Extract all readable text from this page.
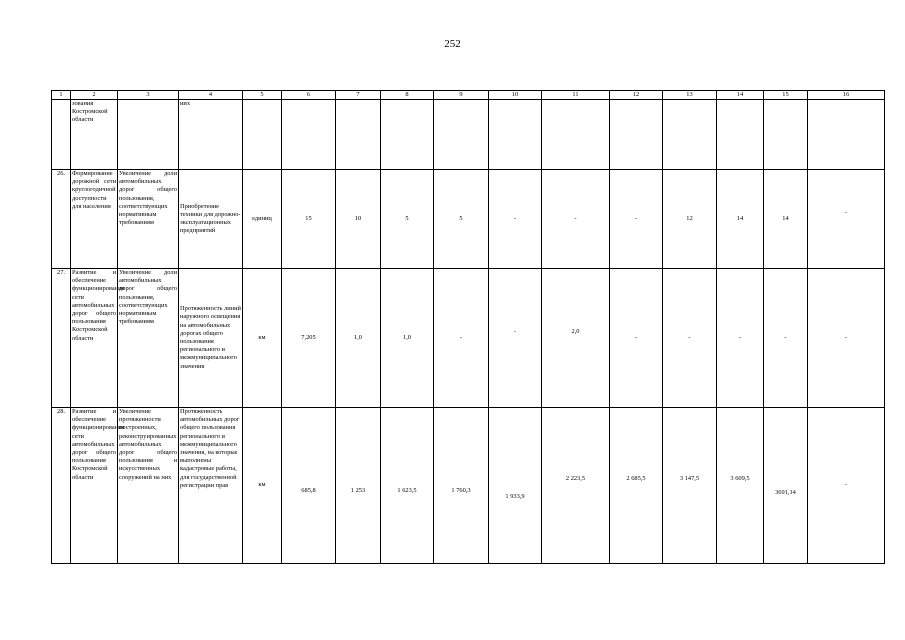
252
1	2	3	4	5	6	7	8	9	10	11	12	13	14	15	16
	зования Костромской области		иих												
26.	Формирование дорожной сети круглогодичной доступности для населения	Увеличение доли автомобильных дорог общего пользования, соответствующих нормативным требованиям	Приобретение техники для дорожно-эксплуатационных предприятий	единиц	15	10	5	5	-	-	-	12	14	14	-
27.	Развитие и обеспечение функционирования сети автомобильных дорог общего пользования Костромской области	Увеличение доли автомобильных дорог общего пользования, соответствующих нормативным требованиям	Протяженность линий наружного освещения на автомобильных дорогах общего пользования регионального и межмуниципального значения	км	7,205	1,0	1,0	-	-	2,0	-	-	-	-	-
28.	Развитие и обеспечение функционирования сети автомобильных дорог общего пользования Костромской области	Увеличение протяженности построенных, реконструированных автомобильных дорог общего пользования и искусственных сооружений на них	Протяженность автомобильных дорог общего пользования регионального и межмуниципального значения, на которые выполнены кадастровые работы, для государственной регистрации прав	км	685,8	1 253	1 623,5	1 760,3	1 933,9	2 223,5	2 685,5	3 147,5	3 609,5	3691,14	-
